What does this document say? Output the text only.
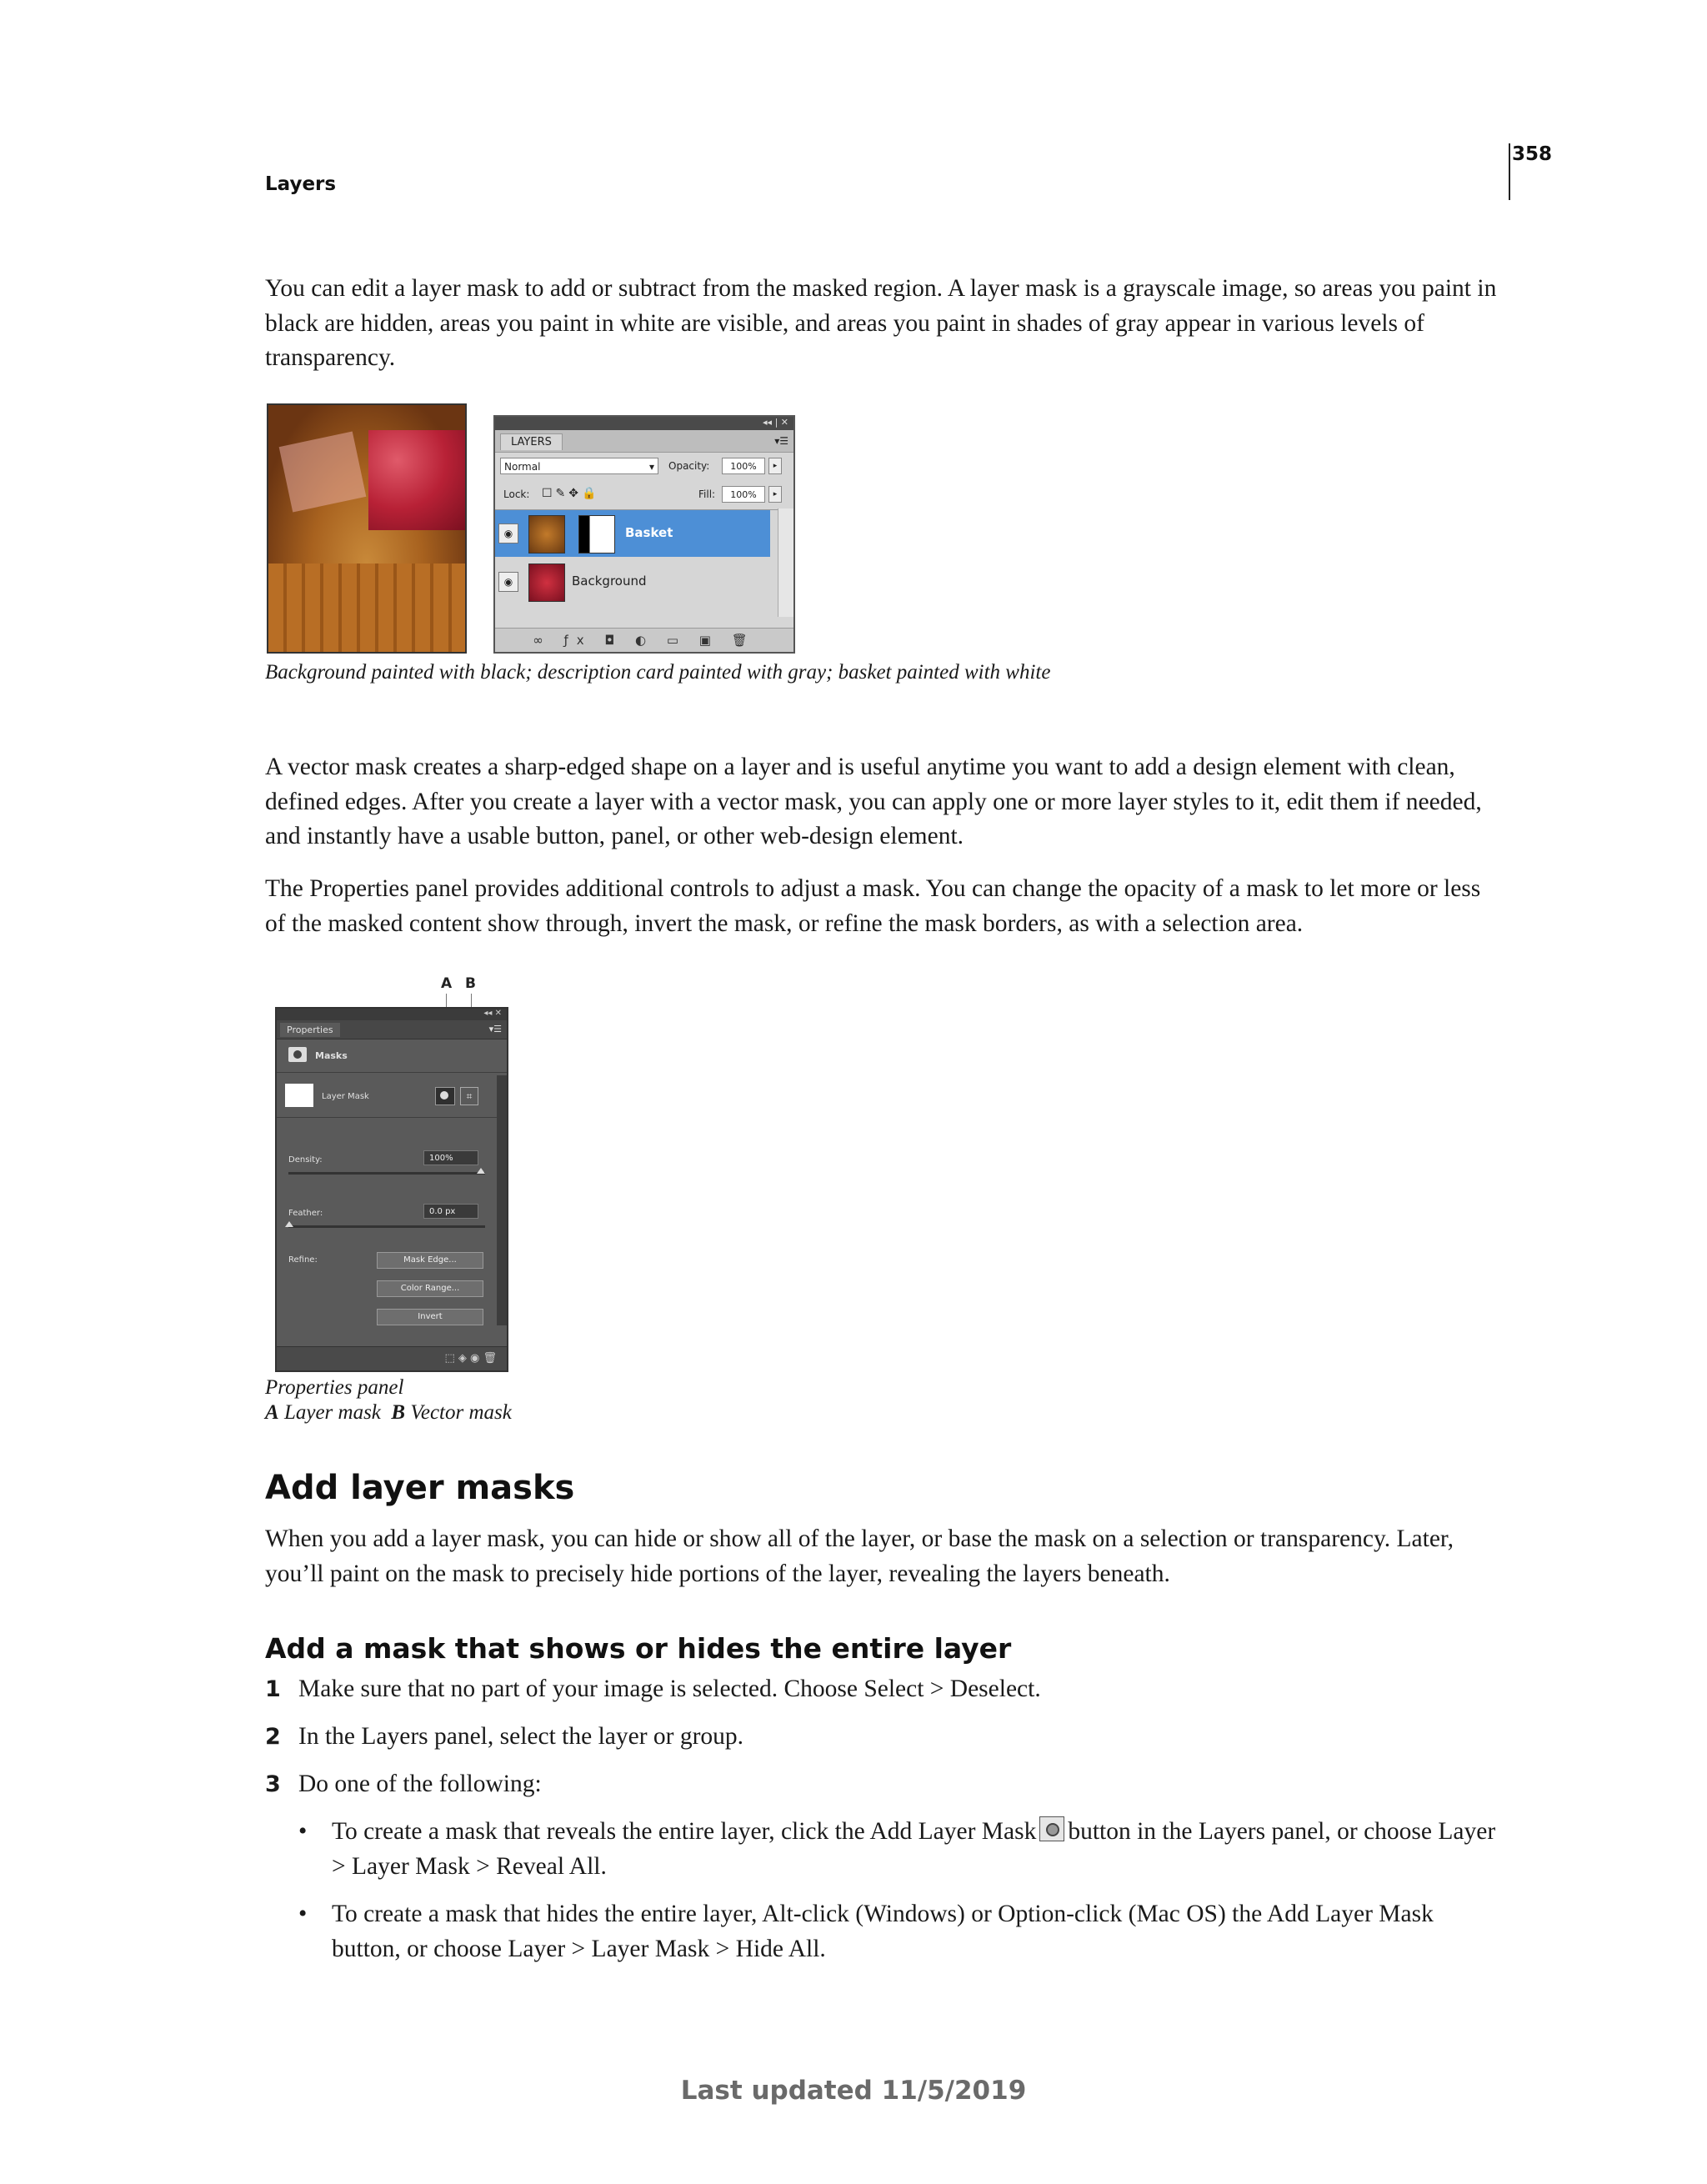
358
Layers

You can edit a layer mask to add or subtract from the masked region. A layer mask is a grayscale image, so areas you paint in black are hidden, areas you paint in white are visible, and areas you paint in shades of gray appear in various levels of transparency.

◂◂ | ✕
LAYERS	▾☰
Normal ▾	Opacity:	100%	▸
Lock: ☐✎✥🔒	Fill:	100%	▸
◉	Basket
◉	Background
∞ ƒx ◘ ◐ ▭ ▣ 🗑
Background painted with black; description card painted with gray; basket painted with white

A vector mask creates a sharp-edged shape on a layer and is useful anytime you want to add a design element with clean, defined edges. After you create a layer with a vector mask, you can apply one or more layer styles to it, edit them if needed, and instantly have a usable button, panel, or other web-design element.

The Properties panel provides additional controls to adjust a mask. You can change the opacity of a mask to let more or less of the masked content show through, invert the mask, or refine the mask borders, as with a selection area.

A B
◂◂ ✕
Properties	▾☰
Masks
Layer Mask	⌗
Density:	100%
Feather:	0.0 px
Refine:	Mask Edge...
Color Range...
Invert
⬚ ◈ ◉ 🗑
Properties panel
A Layer mask B Vector mask
Add layer masks

When you add a layer mask, you can hide or show all of the layer, or base the mask on a selection or transparency. Later, you’ll paint on the mask to precisely hide portions of the layer, revealing the layers beneath.

Add a mask that shows or hides the entire layer
1 Make sure that no part of your image is selected. Choose Select > Deselect.
2 In the Layers panel, select the layer or group.
3 Do one of the following:
• To create a mask that reveals the entire layer, click the Add Layer Mask button in the Layers panel, or choose Layer > Layer Mask > Reveal All.
• To create a mask that hides the entire layer, Alt-click (Windows) or Option-click (Mac OS) the Add Layer Mask button, or choose Layer > Layer Mask > Hide All.
Last updated 11/5/2019
